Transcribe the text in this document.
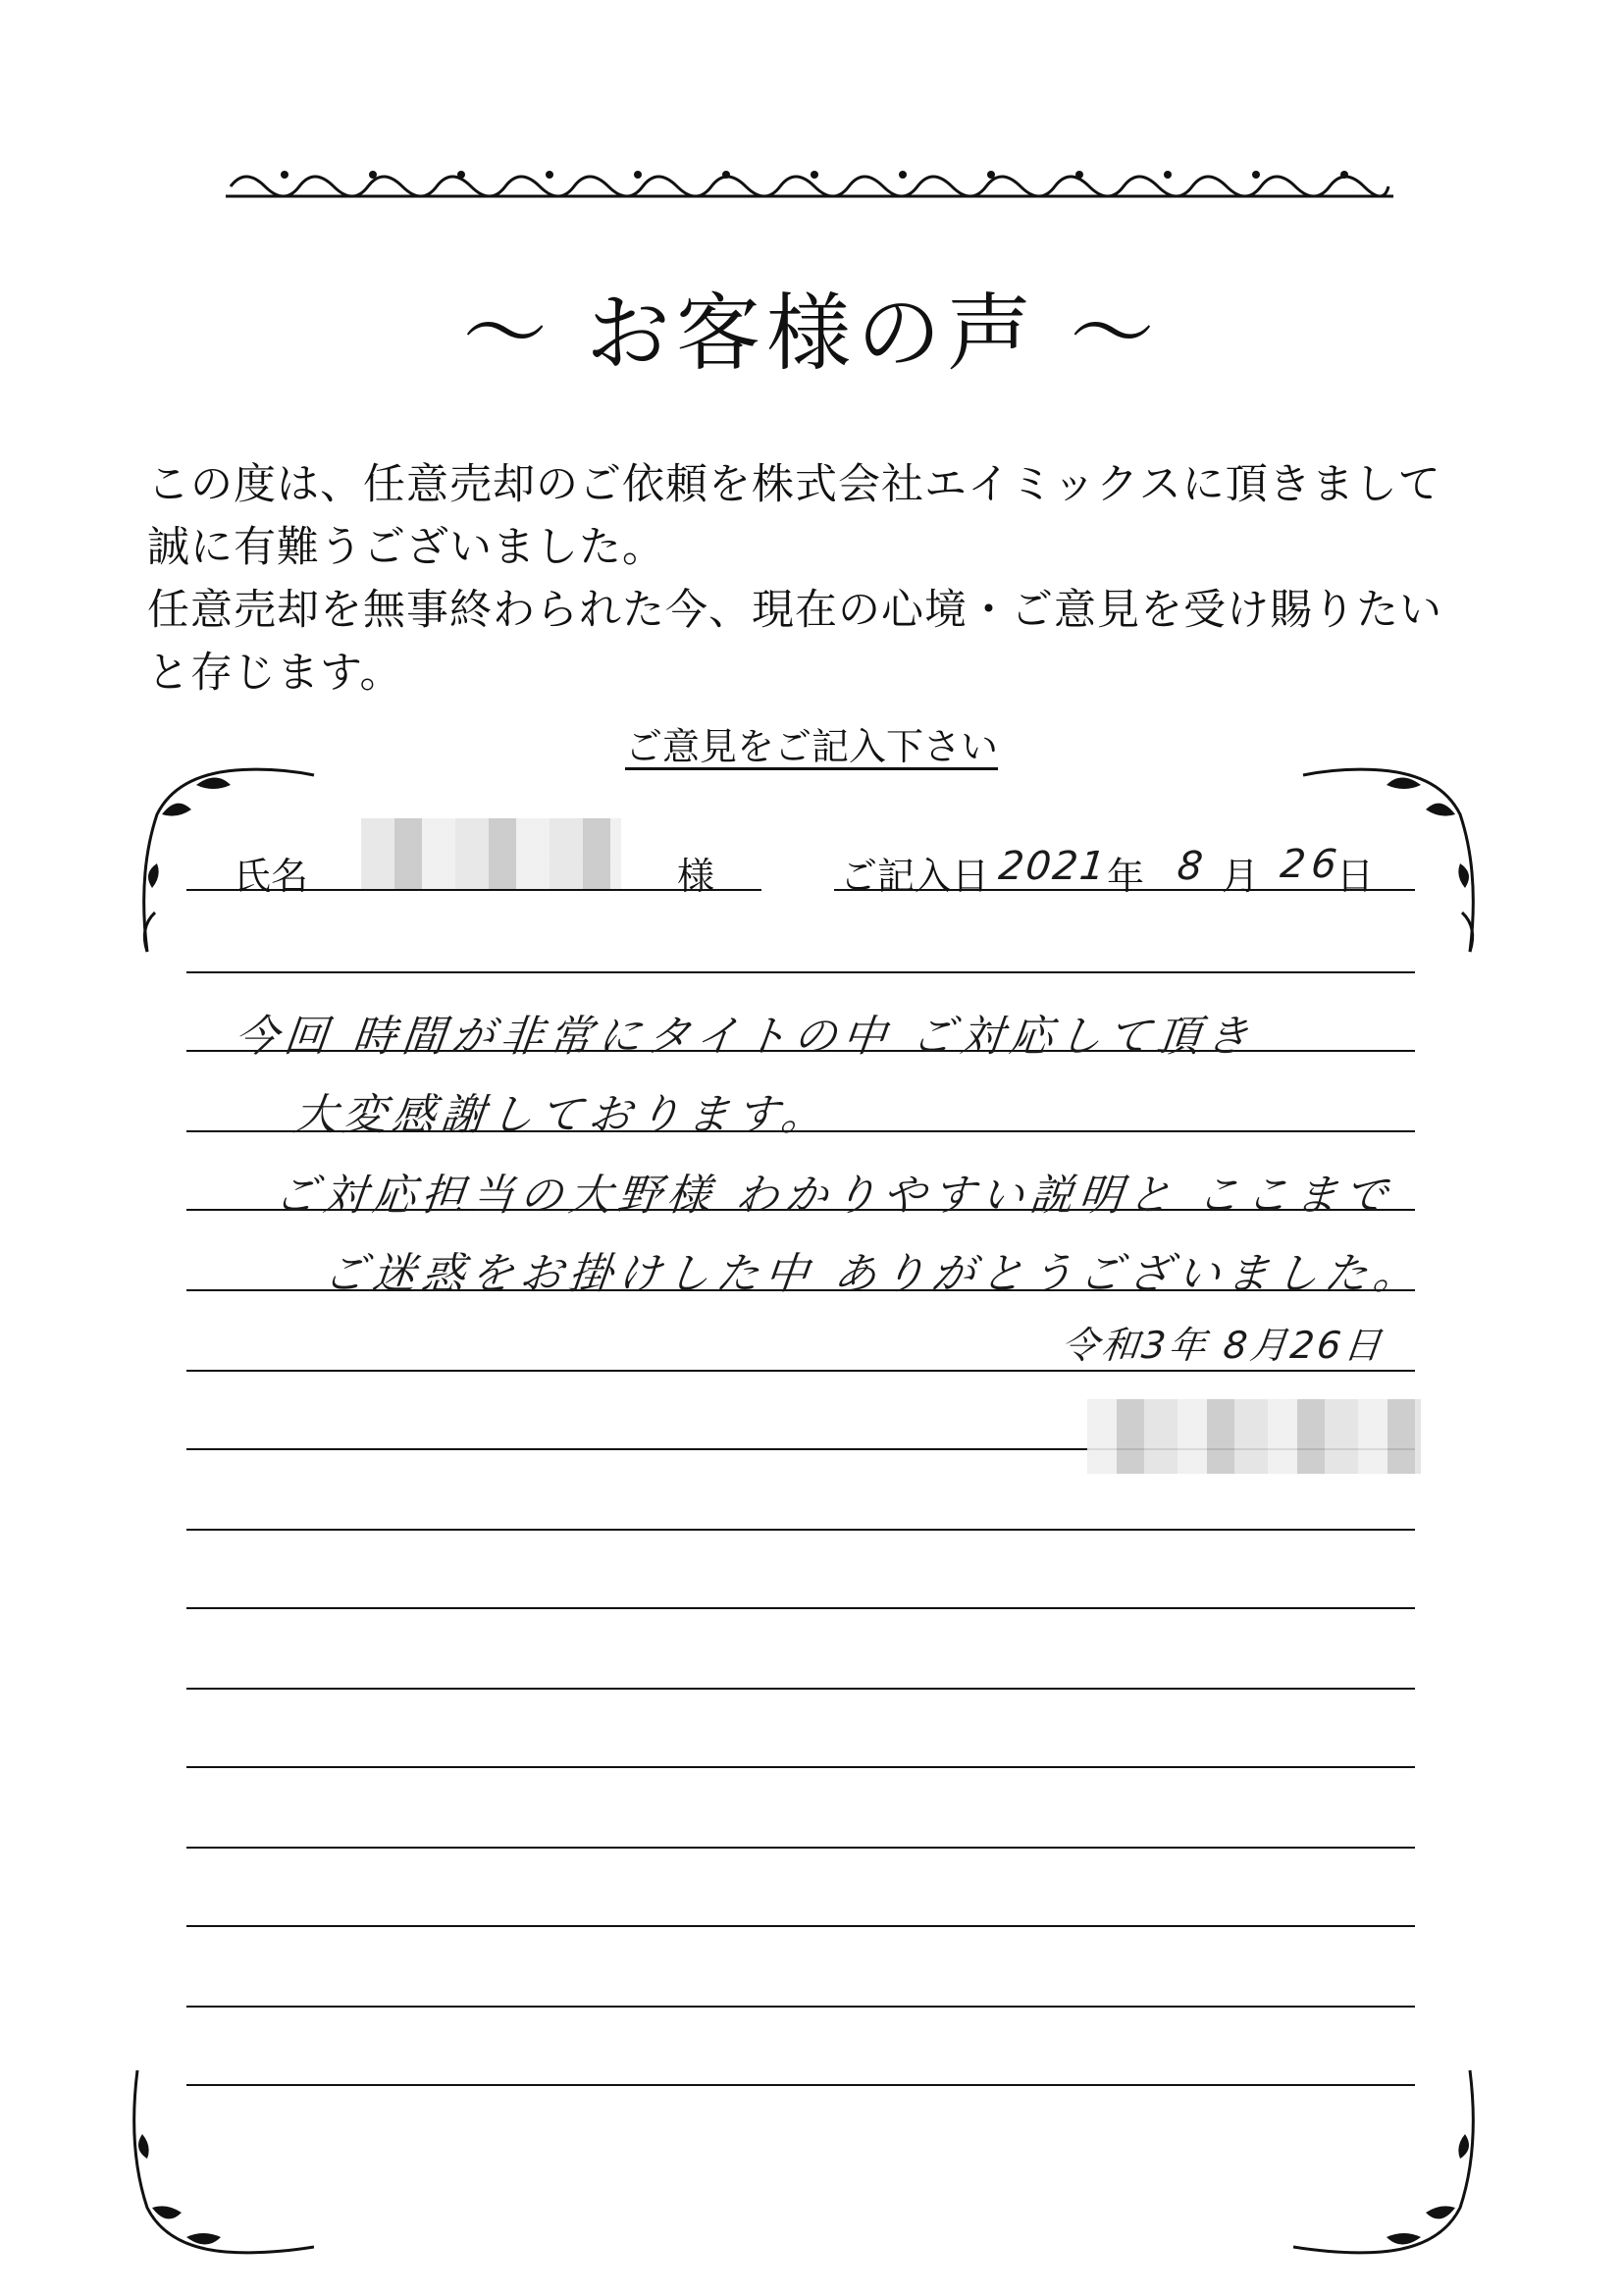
～ お客様の声 ～

この度は、任意売却のご依頼を株式会社エイミックスに頂きまして

誠に有難うございました。

任意売却を無事終わられた今、現在の心境・ご意見を受け賜りたい

と存じます。

ご意見をご記入下さい
氏名	様	ご記入日 2021
年 8 月 26
日
今回 時間が非常にタイトの中 ご対応して頂き
大変感謝しております。
ご対応担当の大野様 わかりやすい説明と ここまで
ご迷惑をお掛けした中 ありがとうございました。
令和3年 8月26日
